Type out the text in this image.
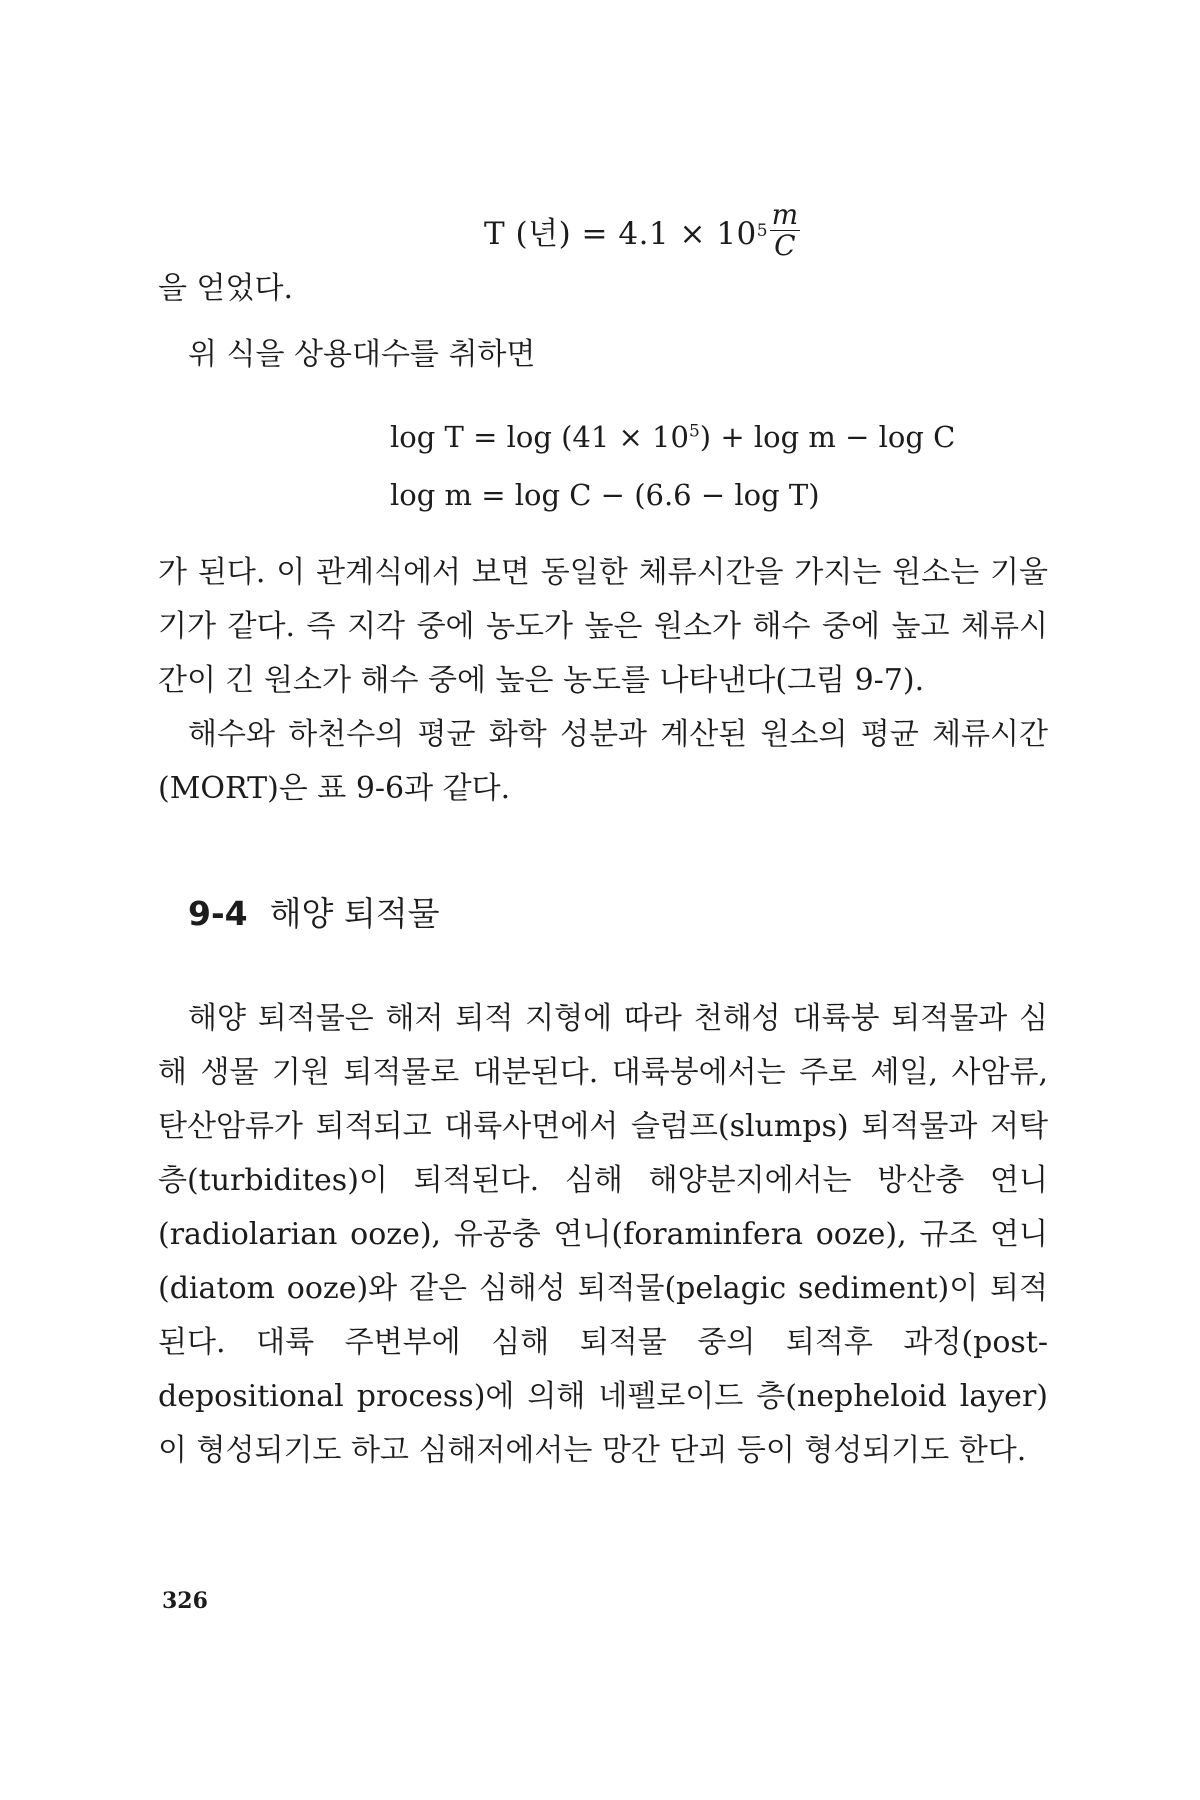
T (년) = 4.1 × 10 $5 \frac{m}{C}$

을 얻었다.

위 식을 상용대수를 취하면

$\log T = \log (41 \times 10^5) + \log m - \log C$
log m = log C − (6.6 − log T)

가 된다. 이 관계식에서 보면 동일한 체류시간을 가지는 원소는 기울기가 같다. 즉 지각 중에 농도가 높은 원소가 해수 중에 높고 체류시간이 긴 원소가 해수 중에 높은 농도를 나타낸다(그림 9-7).

해수와 하천수의 평균 화학 성분과 계산된 원소의 평균 체류시간 (MORT)은 표 9-6과 같다.

9-4 해양 퇴적물

해양 퇴적물은 해저 퇴적 지형에 따라 천해성 대륙붕 퇴적물과 심해 생물 기원 퇴적물로 대분된다. 대륙붕에서는 주로 셰일, 사암류, 탄산암류가 퇴적되고 대륙사면에서 슬럼프(slumps) 퇴적물과 저탁층(turbidites)이 퇴적된다. 심해 해양분지에서는 방산충 연니(radiolarian ooze), 유공충 연니(foraminfera ooze), 규조 연니(diatom ooze)와 같은 심해성 퇴적물(pelagic sediment)이 퇴적된다. 대륙 주변부에 심해 퇴적물 중의 퇴적후 과정(post-depositional process)에 의해 네펠로이드 층(nepheloid layer)이 형성되기도 하고 심해저에서는 망간 단괴 등이 형성되기도 한다.

326
